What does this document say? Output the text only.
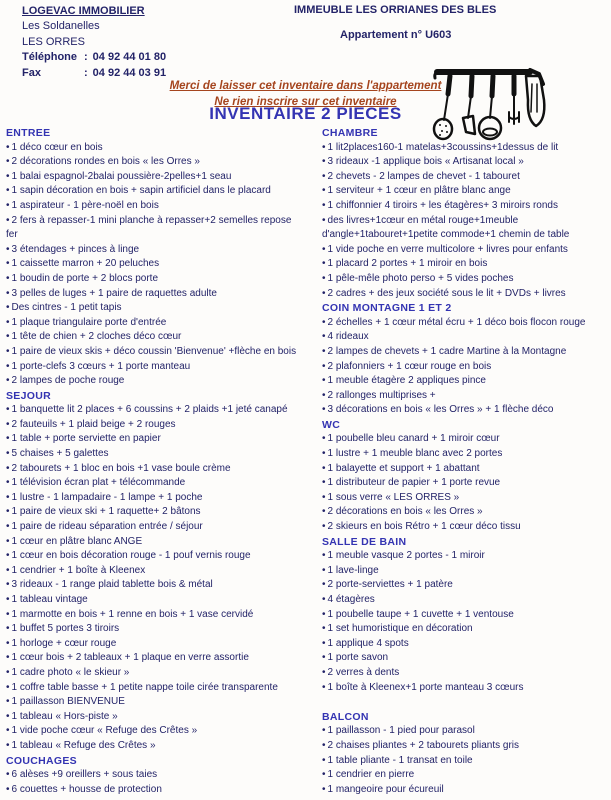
LOGEVAC IMMOBILIER
Les Soldanelles
LES ORRES
Téléphone : 04 92 44 01 80
Fax	: 04 92 44 03 91
IMMEUBLE LES ORRIANES DES BLES
Appartement n° U603
Merci de laisser cet inventaire dans l'appartement
Ne rien inscrire sur cet inventaire
INVENTAIRE 2 PIECES
ENTREE
• 1 déco cœur en bois
• 2 décorations rondes en bois « les Orres »
• 1 balai espagnol-2balai poussière-2pelles+1 seau
• 1 sapin décoration en bois + sapin artificiel dans le placard
• 1 aspirateur - 1 père-noël en bois
• 2 fers à repasser-1 mini planche à repasser+2 semelles repose
fer
• 3 étendages + pinces à linge
• 1 caissette marron + 20 peluches
• 1 boudin de porte + 2 blocs porte
• 3 pelles de luges + 1 paire de raquettes adulte
• Des cintres - 1 petit tapis
• 1 plaque triangulaire porte d'entrée
• 1 tête de chien + 2 cloches déco cœur
• 1 paire de vieux skis + déco coussin 'Bienvenue' +flèche en bois
• 1 porte-clefs 3 cœurs + 1 porte manteau
• 2 lampes de poche rouge
SEJOUR
• 1 banquette lit 2 places + 6 coussins + 2 plaids +1 jeté canapé
• 2 fauteuils + 1 plaid beige + 2 rouges
• 1 table + porte serviette en papier
• 5 chaises + 5 galettes
• 2 tabourets + 1 bloc en bois +1 vase boule crème
• 1 télévision écran plat + télécommande
• 1 lustre - 1 lampadaire - 1 lampe + 1 poche
• 1 paire de vieux ski + 1 raquette+ 2 bâtons
• 1 paire de rideau séparation entrée / séjour
• 1 cœur en plâtre blanc ANGE
• 1 cœur en bois décoration rouge - 1 pouf vernis rouge
• 1 cendrier + 1 boîte à Kleenex
• 3 rideaux - 1 range plaid tablette bois & métal
• 1 tableau vintage
• 1 marmotte en bois + 1 renne en bois + 1 vase cervidé
• 1 buffet 5 portes 3 tiroirs
• 1 horloge + cœur rouge
• 1 cœur bois + 2 tableaux + 1 plaque en verre assortie
• 1 cadre photo « le skieur »
• 1 coffre table basse + 1 petite nappe toile cirée transparente
• 1 paillasson BIENVENUE
• 1 tableau « Hors-piste »
• 1 vide poche cœur « Refuge des Crêtes »
• 1 tableau « Refuge des Crêtes »
COUCHAGES
• 6 alèses +9 oreillers + sous taies
• 6 couettes + housse de protection
CHAMBRE
• 1 lit2places160-1 matelas+3coussins+1dessus de lit
• 3 rideaux -1 applique bois « Artisanat local »
• 2 chevets - 2 lampes de chevet - 1 tabouret
• 1 serviteur + 1 cœur en plâtre blanc ange
• 1 chiffonnier 4 tiroirs + les étagères+ 3 miroirs ronds
• des livres+1cœur en métal rouge+1meuble
d'angle+1tabouret+1petite commode+1 chemin de table
• 1 vide poche en verre multicolore + livres pour enfants
• 1 placard 2 portes + 1 miroir en bois
• 1 pêle-mêle photo perso + 5 vides poches
• 2 cadres + des jeux société sous le lit + DVDs + livres
COIN MONTAGNE 1 ET 2
• 2 échelles + 1 cœur métal écru + 1 déco bois flocon rouge
• 4 rideaux
• 2 lampes de chevets + 1 cadre Martine à la Montagne
• 2 plafonniers + 1 cœur rouge en bois
• 1 meuble étagère 2 appliques pince
• 2 rallonges multiprises +
• 3 décorations en bois « les Orres » + 1 flèche déco
WC
• 1 poubelle bleu canard + 1 miroir cœur
• 1 lustre + 1 meuble blanc avec 2 portes
• 1 balayette et support + 1 abattant
• 1 distributeur de papier + 1 porte revue
• 1 sous verre « LES ORRES »
• 2 décorations en bois « les Orres »
• 2 skieurs en bois Rétro + 1 cœur déco tissu
SALLE DE BAIN
• 1 meuble vasque 2 portes - 1 miroir
• 1 lave-linge
• 2 porte-serviettes + 1 patère
• 4 étagères
• 1 poubelle taupe + 1 cuvette + 1 ventouse
• 1 set humoristique en décoration
• 1 applique 4 spots
• 1 porte savon
• 2 verres à dents
• 1 boîte à Kleenex+1 porte manteau 3 cœurs
BALCON
• 1 paillasson - 1 pied pour parasol
• 2 chaises pliantes + 2 tabourets pliants gris
• 1 table pliante - 1 transat en toile
• 1 cendrier en pierre
• 1 mangeoire pour écureuil
